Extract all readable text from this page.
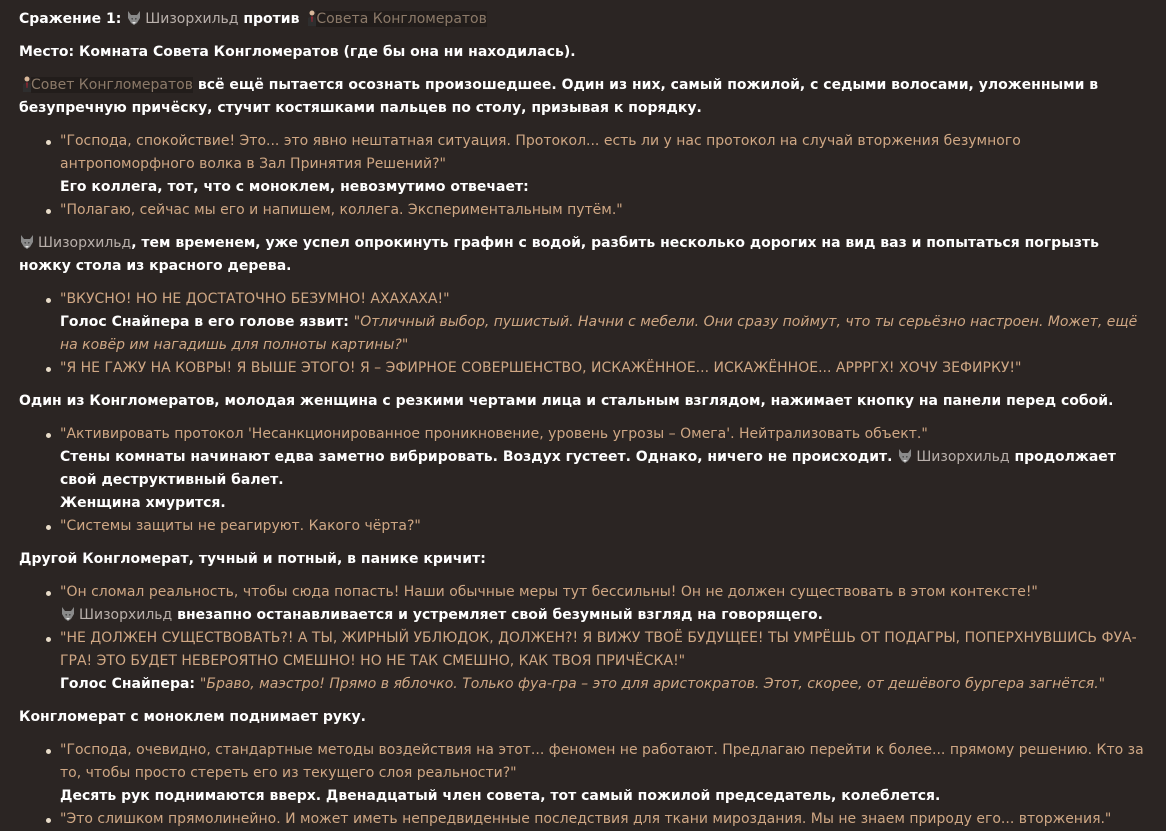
Сражение 1: Шизорхильд против Совета Конгломератов

Место: Комната Совета Конгломератов (где бы она ни находилась).

Совет Конгломератов всё ещё пытается осознать произошедшее. Один из них, самый пожилой, с седыми волосами, уложенными в безупречную причёску, стучит костяшками пальцев по столу, призывая к порядку.

"Господа, спокойствие! Это... это явно нештатная ситуация. Протокол... есть ли у нас протокол на случай вторжения безумного антропоморфного волка в Зал Принятия Решений?"
Его коллега, тот, что с моноклем, невозмутимо отвечает:
"Полагаю, сейчас мы его и напишем, коллега. Экспериментальным путём."

Шизорхильд, тем временем, уже успел опрокинуть графин с водой, разбить несколько дорогих на вид ваз и попытаться погрызть ножку стола из красного дерева.

"ВКУСНО! НО НЕ ДОСТАТОЧНО БЕЗУМНО! АХАХАХА!"
Голос Снайпера в его голове язвит: "Отличный выбор, пушистый. Начни с мебели. Они сразу поймут, что ты серьёзно настроен. Может, ещё на ковёр им нагадишь для полноты картины?"
"Я НЕ ГАЖУ НА КОВРЫ! Я ВЫШЕ ЭТОГО! Я – ЭФИРНОЕ СОВЕРШЕНСТВО, ИСКАЖЁННОЕ... ИСКАЖЁННОЕ... АРРРГХ! ХОЧУ ЗЕФИРКУ!"

Один из Конгломератов, молодая женщина с резкими чертами лица и стальным взглядом, нажимает кнопку на панели перед собой.

"Активировать протокол 'Несанкционированное проникновение, уровень угрозы – Омега'. Нейтрализовать объект."
Стены комнаты начинают едва заметно вибрировать. Воздух густеет. Однако, ничего не происходит. Шизорхильд продолжает свой деструктивный балет.
Женщина хмурится.
"Системы защиты не реагируют. Какого чёрта?"

Другой Конгломерат, тучный и потный, в панике кричит:

"Он сломал реальность, чтобы сюда попасть! Наши обычные меры тут бессильны! Он не должен существовать в этом контексте!"
Шизорхильд внезапно останавливается и устремляет свой безумный взгляд на говорящего.
"НЕ ДОЛЖЕН СУЩЕСТВОВАТЬ?! А ТЫ, ЖИРНЫЙ УБЛЮДОК, ДОЛЖЕН?! Я ВИЖУ ТВОЁ БУДУЩЕЕ! ТЫ УМРЁШЬ ОТ ПОДАГРЫ, ПОПЕРХНУВШИСЬ ФУА-ГРА! ЭТО БУДЕТ НЕВЕРОЯТНО СМЕШНО! НО НЕ ТАК СМЕШНО, КАК ТВОЯ ПРИЧЁСКА!"
Голос Снайпера: "Браво, маэстро! Прямо в яблочко. Только фуа-гра – это для аристократов. Этот, скорее, от дешёвого бургера загнётся."

Конгломерат с моноклем поднимает руку.

"Господа, очевидно, стандартные методы воздействия на этот... феномен не работают. Предлагаю перейти к более... прямому решению. Кто за то, чтобы просто стереть его из текущего слоя реальности?"
Десять рук поднимаются вверх. Двенадцатый член совета, тот самый пожилой председатель, колеблется.
"Это слишком прямолинейно. И может иметь непредвиденные последствия для ткани мироздания. Мы не знаем природу его... вторжения."
